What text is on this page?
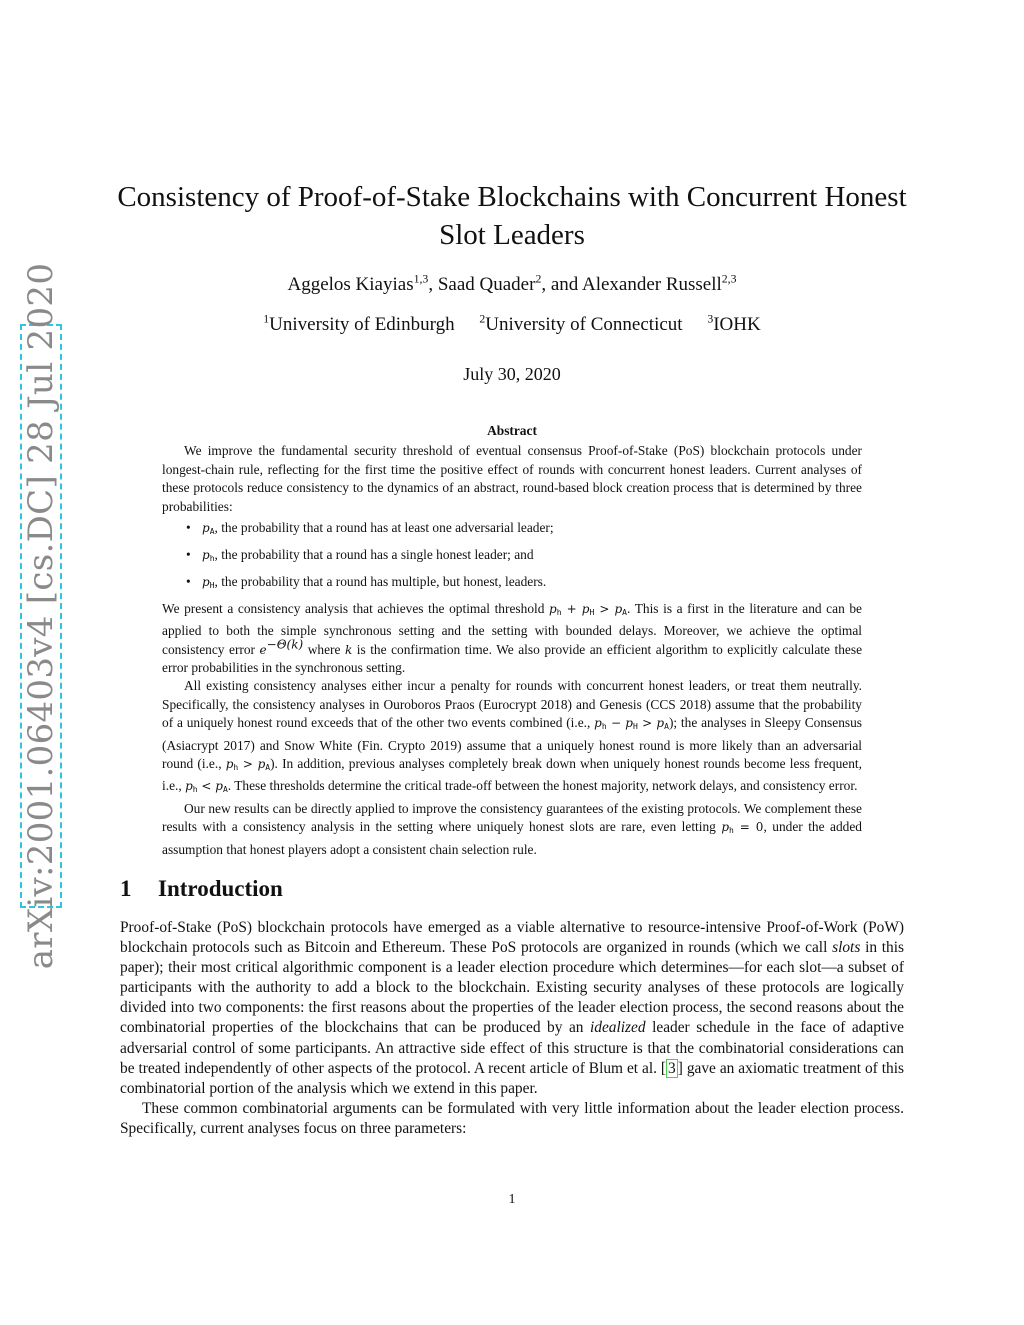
arXiv:2001.06403v4 [cs.DC] 28 Jul 2020
Consistency of Proof-of-Stake Blockchains with Concurrent Honest Slot Leaders
Aggelos Kiayias$^{1,3}$, Saad Quader$^2$, and Alexander Russell$^{2,3}$
$^1$University of Edinburgh $^2$University of Connecticut $^3$IOHK
July 30, 2020
Abstract

We improve the fundamental security threshold of eventual consensus Proof-of-Stake (PoS) blockchain protocols under longest-chain rule, reflecting for the first time the positive effect of rounds with concurrent honest leaders. Current analyses of these protocols reduce consistency to the dynamics of an abstract, round-based block creation process that is determined by three probabilities:

• $p_A$, the probability that a round has at least one adversarial leader;
• $p_h$, the probability that a round has a single honest leader; and
• $p_H$, the probability that a round has multiple, but honest, leaders.

We present a consistency analysis that achieves the optimal threshold $p_h + p_H > p_A$. This is a first in the literature and can be applied to both the simple synchronous setting and the setting with bounded delays. Moreover, we achieve the optimal consistency error $e^{-\Theta(k)}$ where k is the confirmation time. We also provide an efficient algorithm to explicitly calculate these error probabilities in the synchronous setting.

All existing consistency analyses either incur a penalty for rounds with concurrent honest leaders, or treat them neutrally. Specifically, the consistency analyses in Ouroboros Praos (Eurocrypt 2018) and Genesis (CCS 2018) assume that the probability of a uniquely honest round exceeds that of the other two events combined (i.e., $p_h - p_H > p_A$); the analyses in Sleepy Consensus (Asiacrypt 2017) and Snow White (Fin. Crypto 2019) assume that a uniquely honest round is more likely than an adversarial round (i.e., $p_h > p_A$). In addition, previous analyses completely break down when uniquely honest rounds become less frequent, i.e., $p_h < p_A$. These thresholds determine the critical trade-off between the honest majority, network delays, and consistency error.

Our new results can be directly applied to improve the consistency guarantees of the existing protocols. We complement these results with a consistency analysis in the setting where uniquely honest slots are rare, even letting $p_h = 0$, under the added assumption that honest players adopt a consistent chain selection rule.

1 Introduction

Proof-of-Stake (PoS) blockchain protocols have emerged as a viable alternative to resource-intensive Proof-of-Work (PoW) blockchain protocols such as Bitcoin and Ethereum. These PoS protocols are organized in rounds (which we call slots in this paper); their most critical algorithmic component is a leader election procedure which determines—for each slot—a subset of participants with the authority to add a block to the blockchain. Existing security analyses of these protocols are logically divided into two components: the first reasons about the properties of the leader election process, the second reasons about the combinatorial properties of the blockchains that can be produced by an idealized leader schedule in the face of adaptive adversarial control of some participants. An attractive side effect of this structure is that the combinatorial considerations can be treated independently of other aspects of the protocol. A recent article of Blum et al. [ 3 ] gave an axiomatic treatment of this combinatorial portion of the analysis which we extend in this paper.

These common combinatorial arguments can be formulated with very little information about the leader election process. Specifically, current analyses focus on three parameters:

1
